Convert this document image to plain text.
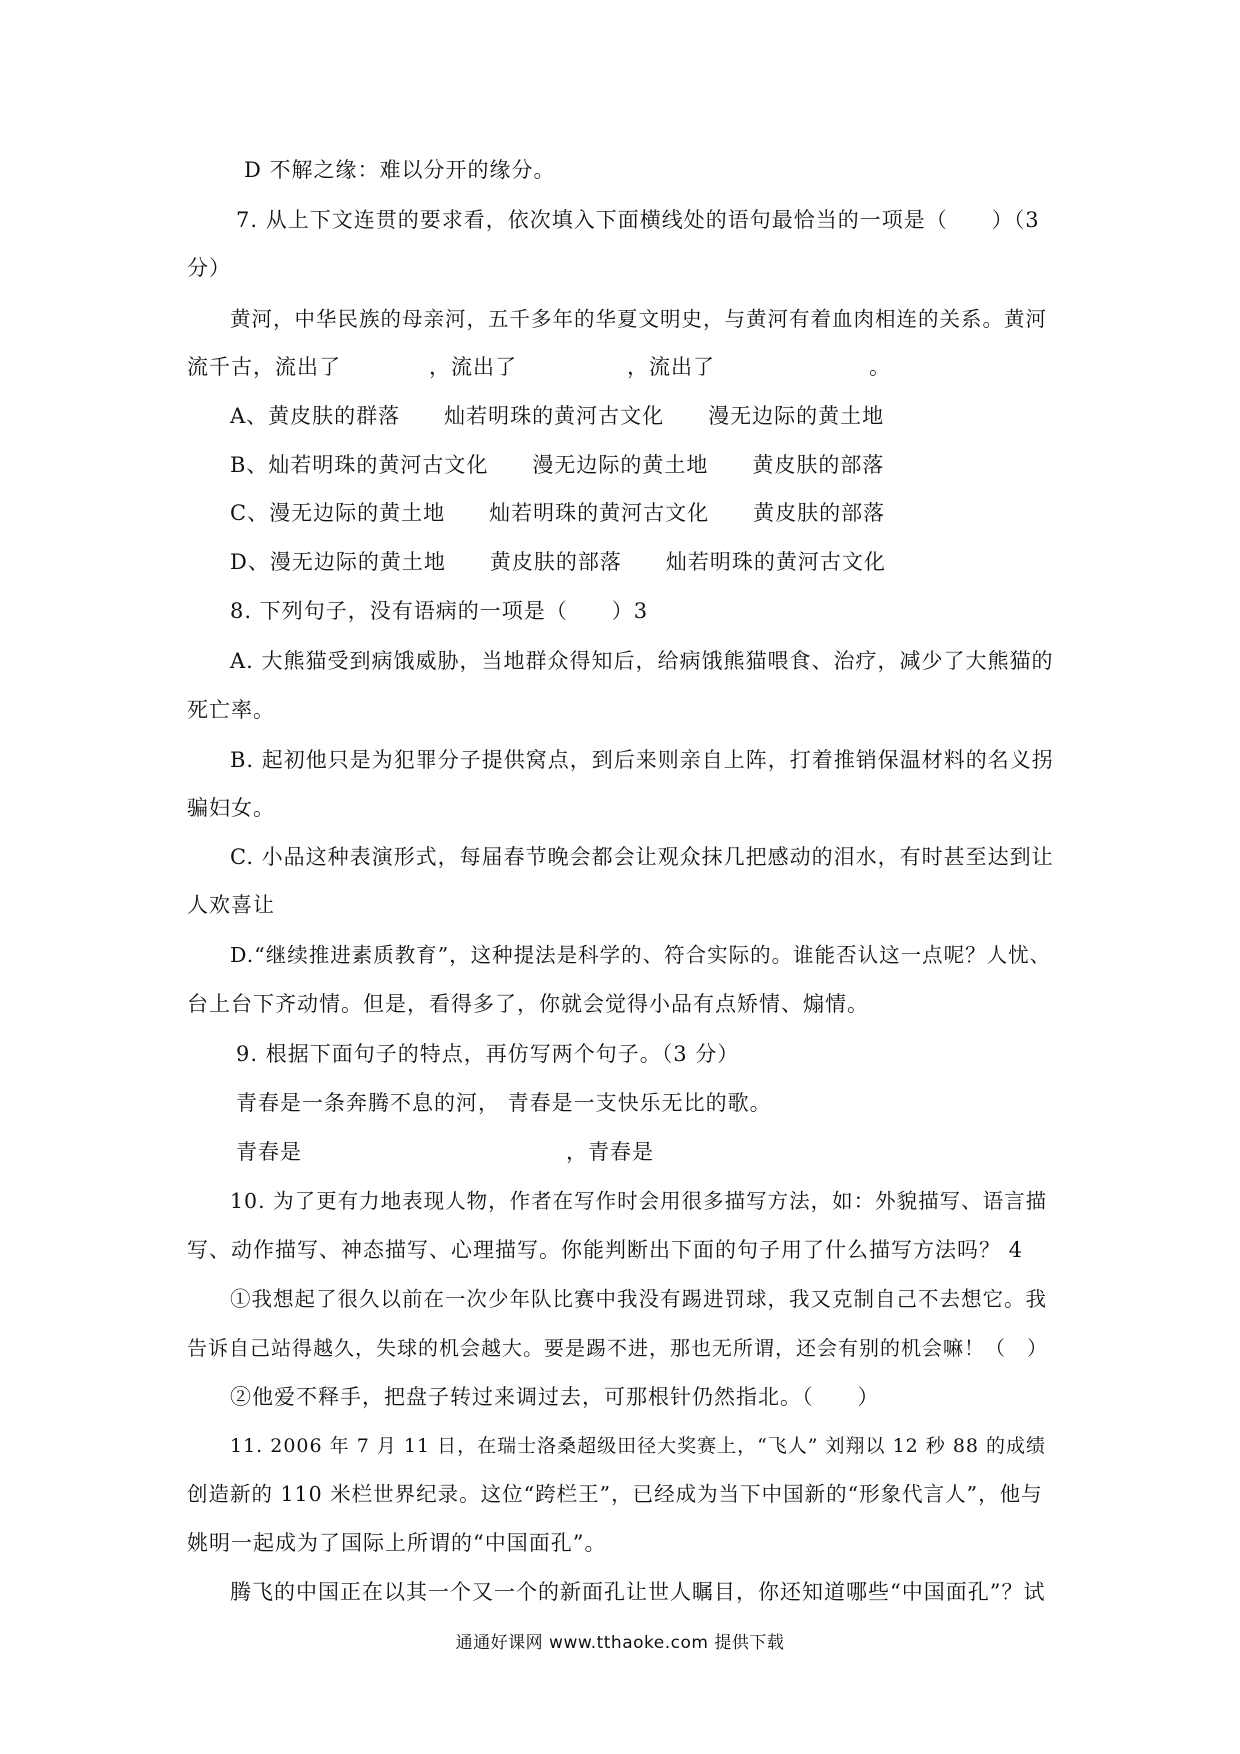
D 不解之缘：难以分开的缘分。
7. 从上下文连贯的要求看，依次填入下面横线处的语句最恰当的一项是（　　）（3
分）
黄河，中华民族的母亲河，五千多年的华夏文明史，与黄河有着血肉相连的关系。黄河
流千古，流出了　　　　，流出了　　　　　，流出了　　　　　　　。
A、黄皮肤的群落　　灿若明珠的黄河古文化　　漫无边际的黄土地
B、灿若明珠的黄河古文化　　漫无边际的黄土地　　黄皮肤的部落
C、漫无边际的黄土地　　灿若明珠的黄河古文化　　黄皮肤的部落
D、漫无边际的黄土地　　黄皮肤的部落　　灿若明珠的黄河古文化
8. 下列句子，没有语病的一项是（　　）3
A. 大熊猫受到病饿威胁，当地群众得知后，给病饿熊猫喂食、治疗，减少了大熊猫的
死亡率。
B. 起初他只是为犯罪分子提供窝点，到后来则亲自上阵，打着推销保温材料的名义拐
骗妇女。
C. 小品这种表演形式，每届春节晚会都会让观众抹几把感动的泪水，有时甚至达到让
人欢喜让
D.“继续推进素质教育”，这种提法是科学的、符合实际的。谁能否认这一点呢？人忧、
台上台下齐动情。但是，看得多了，你就会觉得小品有点矫情、煽情。
9. 根据下面句子的特点，再仿写两个句子。（3 分）
青春是一条奔腾不息的河， 青春是一支快乐无比的歌。
青春是　　　　　　　　　　　　，青春是
10. 为了更有力地表现人物，作者在写作时会用很多描写方法，如：外貌描写、语言描
写、动作描写、神态描写、心理描写。你能判断出下面的句子用了什么描写方法吗？ 4
①我想起了很久以前在一次少年队比赛中我没有踢进罚球，我又克制自己不去想它。我
告诉自己站得越久，失球的机会越大。要是踢不进，那也无所谓，还会有别的机会嘛！（　）
②他爱不释手，把盘子转过来调过去，可那根针仍然指北。（　　）
11. 2006 年 7 月 11 日，在瑞士洛桑超级田径大奖赛上，“飞人” 刘翔以 12 秒 88 的成绩
创造新的 110 米栏世界纪录。这位“跨栏王”，已经成为当下中国新的“形象代言人”，他与
姚明一起成为了国际上所谓的“中国面孔”。
腾飞的中国正在以其一个又一个的新面孔让世人瞩目，你还知道哪些“中国面孔”？试
通通好课网 www.tthaoke.com 提供下载
